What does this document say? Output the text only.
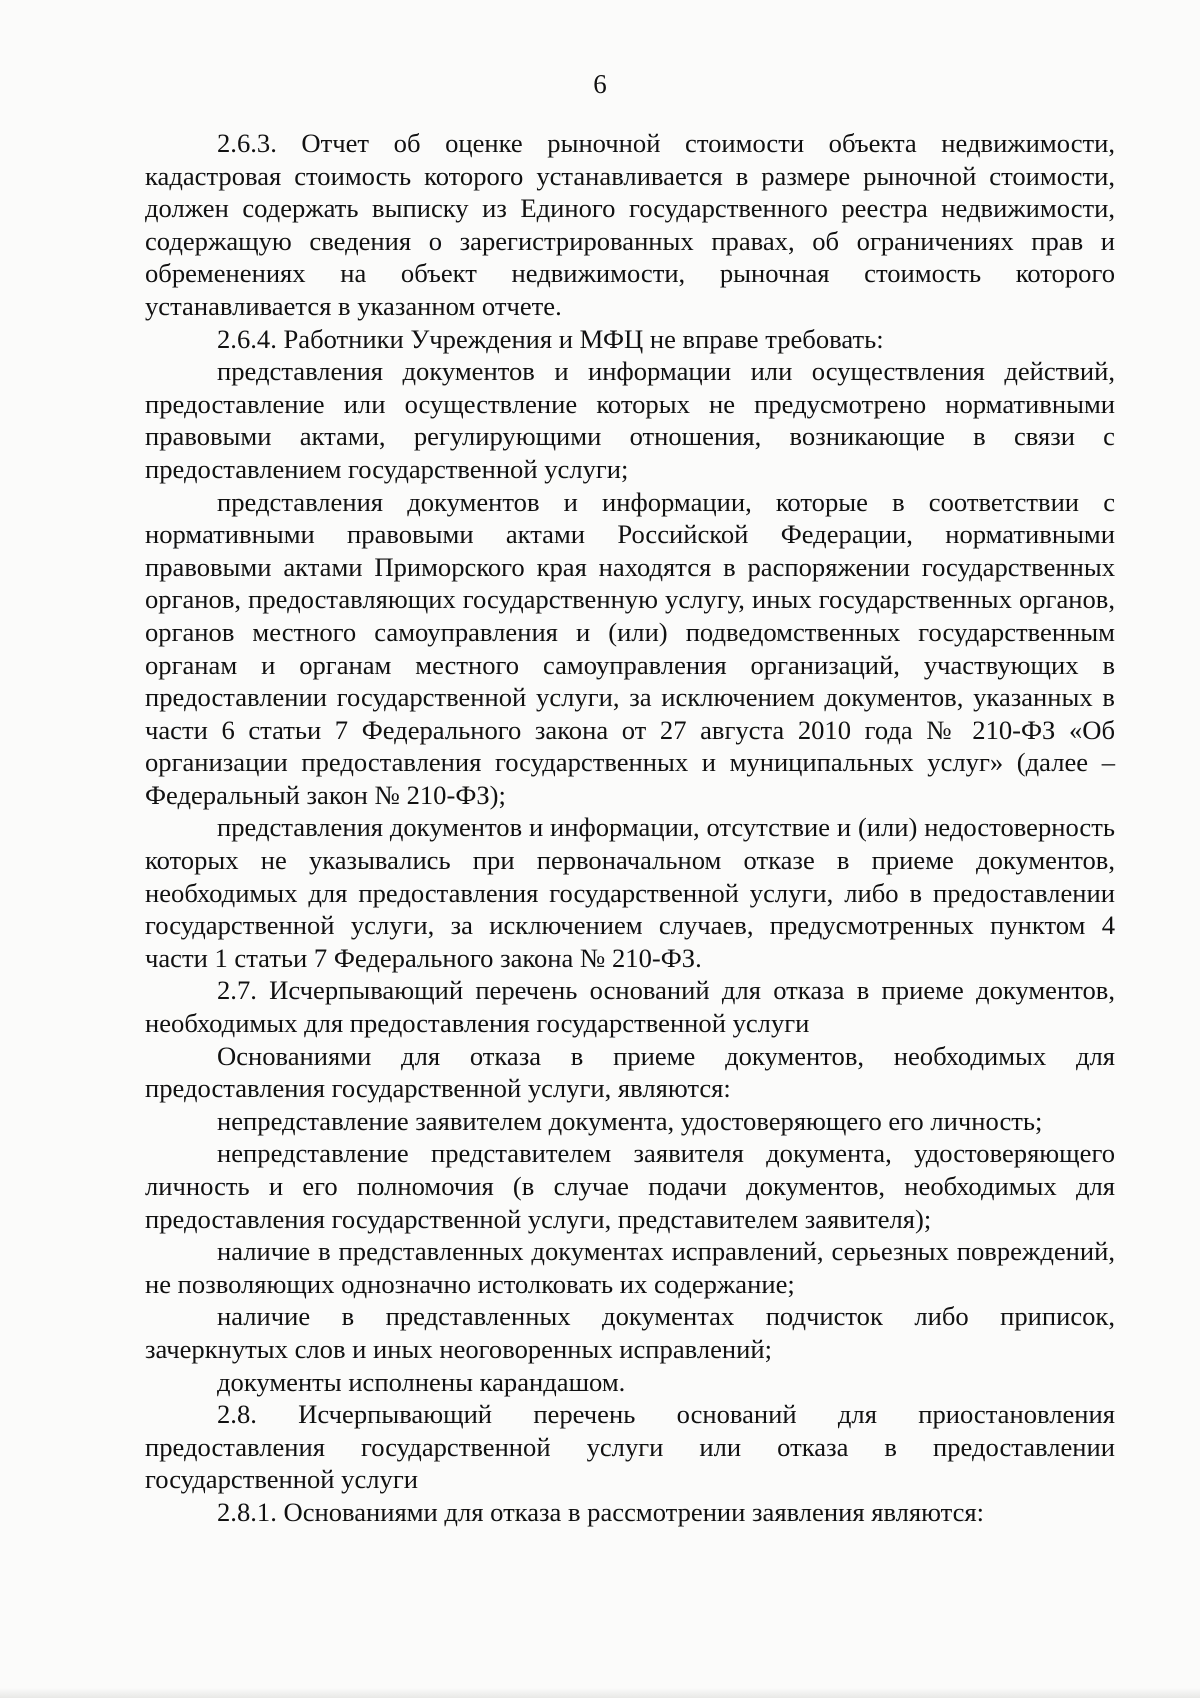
6

2.6.3. Отчет об оценке рыночной стоимости объекта недвижимости, кадастровая стоимость которого устанавливается в размере рыночной стоимости, должен содержать выписку из Единого государственного реестра недвижимости, содержащую сведения о зарегистрированных правах, об ограничениях прав и обременениях на объект недвижимости, рыночная стоимость которого устанавливается в указанном отчете.

2.6.4. Работники Учреждения и МФЦ не вправе требовать:

представления документов и информации или осуществления действий, предоставление или осуществление которых не предусмотрено нормативными правовыми актами, регулирующими отношения, возникающие в связи с предоставлением государственной услуги;

представления документов и информации, которые в соответствии с нормативными правовыми актами Российской Федерации, нормативными правовыми актами Приморского края находятся в распоряжении государственных органов, предоставляющих государственную услугу, иных государственных органов, органов местного самоуправления и (или) подведомственных государственным органам и органам местного самоуправления организаций, участвующих в предоставлении государственной услуги, за исключением документов, указанных в части 6 статьи 7 Федерального закона от 27 августа 2010 года № 210-ФЗ «Об организации предоставления государственных и муниципальных услуг» (далее – Федеральный закон № 210-ФЗ);

представления документов и информации, отсутствие и (или) недостоверность которых не указывались при первоначальном отказе в приеме документов, необходимых для предоставления государственной услуги, либо в предоставлении государственной услуги, за исключением случаев, предусмотренных пунктом 4 части 1 статьи 7 Федерального закона № 210-ФЗ.

2.7. Исчерпывающий перечень оснований для отказа в приеме документов, необходимых для предоставления государственной услуги

Основаниями для отказа в приеме документов, необходимых для предоставления государственной услуги, являются:

непредставление заявителем документа, удостоверяющего его личность;

непредставление представителем заявителя документа, удостоверяющего личность и его полномочия (в случае подачи документов, необходимых для предоставления государственной услуги, представителем заявителя);

наличие в представленных документах исправлений, серьезных повреждений, не позволяющих однозначно истолковать их содержание;

наличие в представленных документах подчисток либо приписок, зачеркнутых слов и иных неоговоренных исправлений;

документы исполнены карандашом.

2.8. Исчерпывающий перечень оснований для приостановления предоставления государственной услуги или отказа в предоставлении государственной услуги

2.8.1. Основаниями для отказа в рассмотрении заявления являются:
